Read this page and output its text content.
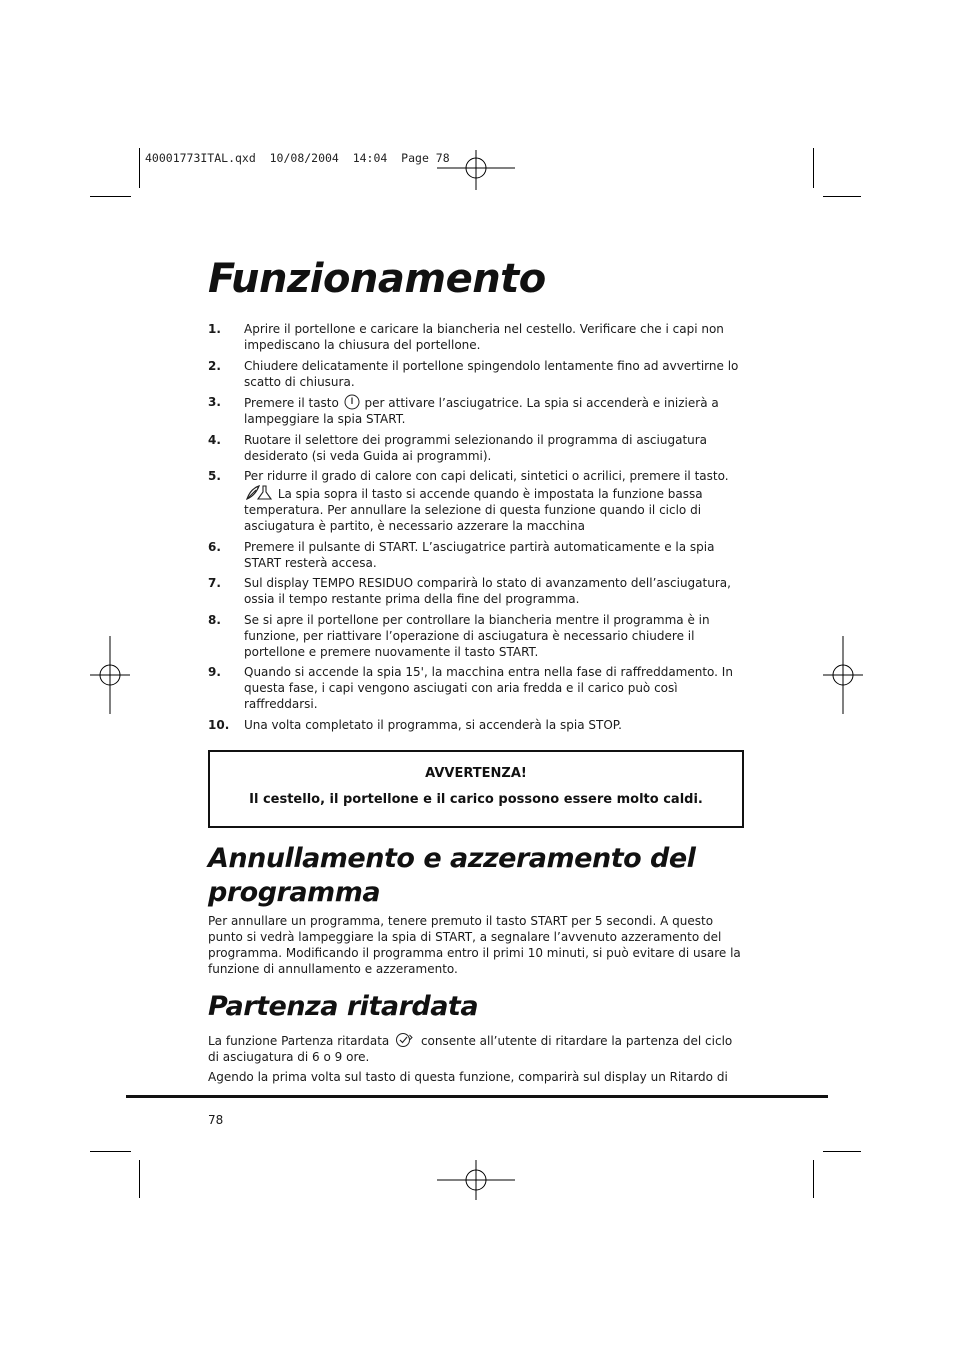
40001773ITAL.qxd  10/08/2004  14:04  Page 78
Funzionamento
1. Aprire il portellone e caricare la biancheria nel cestello. Verificare che i capi non impediscano la chiusura del portellone.
2. Chiudere delicatamente il portellone spingendolo lentamente fino ad avvertirne lo scatto di chiusura.
3. Premere il tasto per attivare l’asciugatrice. La spia si accenderà e inizierà a lampeggiare la spia START.
4. Ruotare il selettore dei programmi selezionando il programma di asciugatura desiderato (si veda Guida ai programmi).
5. Per ridurre il grado di calore con capi delicati, sintetici o acrilici, premere il tasto.
La spia sopra il tasto si accende quando è impostata la funzione bassa temperatura. Per annullare la selezione di questa funzione quando il ciclo di asciugatura è partito, è necessario azzerare la macchina
6. Premere il pulsante di START. L’asciugatrice partirà automaticamente e la spia START resterà accesa.
7. Sul display TEMPO RESIDUO comparirà lo stato di avanzamento dell’asciugatura, ossia il tempo restante prima della fine del programma.
8. Se si apre il portellone per controllare la biancheria mentre il programma è in funzione, per riattivare l’operazione di asciugatura è necessario chiudere il portellone e premere nuovamente il tasto START.
9. Quando si accende la spia 15', la macchina entra nella fase di raffreddamento. In questa fase, i capi vengono asciugati con aria fredda e il carico può così raffreddarsi.
10. Una volta completato il programma, si accenderà la spia STOP.
AVVERTENZA!
Il cestello, il portellone e il carico possono essere molto caldi.
Annullamento e azzeramento del programma

Per annullare un programma, tenere premuto il tasto START per 5 secondi. A questo punto si vedrà lampeggiare la spia di START, a segnalare l’avvenuto azzeramento del programma. Modificando il programma entro il primi 10 minuti, si può evitare di usare la funzione di annullamento e azzeramento.

Partenza ritardata

La funzione Partenza ritardata	consente all’utente di ritardare la partenza del ciclo di asciugatura di 6 o 9 ore.

Agendo la prima volta sul tasto di questa funzione, comparirà sul display un Ritardo di

78
